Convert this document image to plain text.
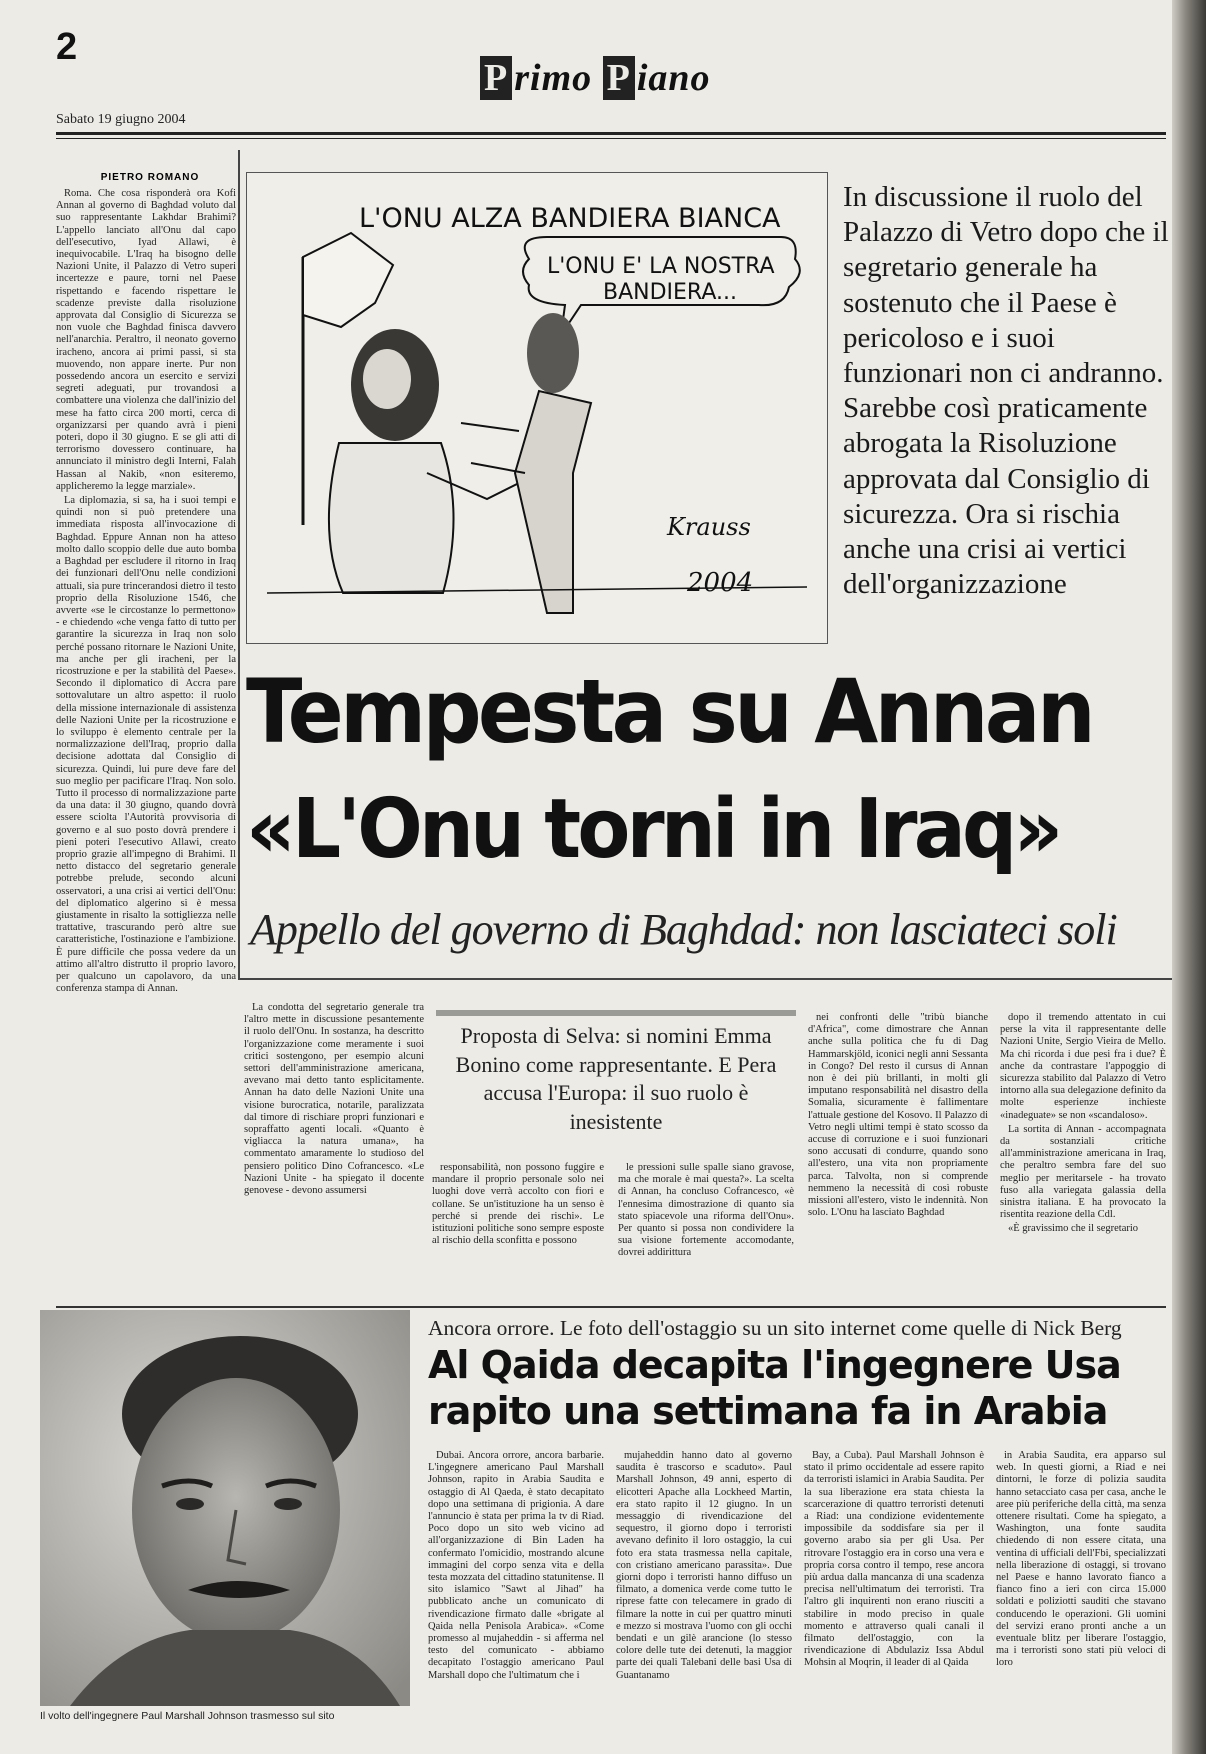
2
P rimo P iano
Sabato 19 giugno 2004
PIETRO ROMANO

Roma. Che cosa risponderà ora Kofi Annan al governo di Baghdad voluto dal suo rappresentante Lakhdar Brahimi? L'appello lanciato all'Onu dal capo dell'esecutivo, Iyad Allawi, è inequivocabile. L'Iraq ha bisogno delle Nazioni Unite, il Palazzo di Vetro superi incertezze e paure, torni nel Paese rispettando e facendo rispettare le scadenze previste dalla risoluzione approvata dal Consiglio di Sicurezza se non vuole che Baghdad finisca davvero nell'anarchia. Peraltro, il neonato governo iracheno, ancora ai primi passi, si sta muovendo, non appare inerte. Pur non possedendo ancora un esercito e servizi segreti adeguati, pur trovandosi a combattere una violenza che dall'inizio del mese ha fatto circa 200 morti, cerca di organizzarsi per quando avrà i pieni poteri, dopo il 30 giugno. E se gli atti di terrorismo dovessero continuare, ha annunciato il ministro degli Interni, Falah Hassan al Nakib, «non esiteremo, applicheremo la legge marziale».

La diplomazia, si sa, ha i suoi tempi e quindi non si può pretendere una immediata risposta all'invocazione di Baghdad. Eppure Annan non ha atteso molto dallo scoppio delle due auto bomba a Baghdad per escludere il ritorno in Iraq dei funzionari dell'Onu nelle condizioni attuali, sia pure trincerandosi dietro il testo proprio della Risoluzione 1546, che avverte «se le circostanze lo permettono» - e chiedendo «che venga fatto di tutto per garantire la sicurezza in Iraq non solo perché possano ritornare le Nazioni Unite, ma anche per gli iracheni, per la ricostruzione e per la stabilità del Paese». Secondo il diplomatico di Accra pare sottovalutare un altro aspetto: il ruolo della missione internazionale di assistenza delle Nazioni Unite per la ricostruzione e lo sviluppo è elemento centrale per la normalizzazione dell'Iraq, proprio dalla decisione adottata dal Consiglio di sicurezza. Quindi, lui pure deve fare del suo meglio per pacificare l'Iraq. Non solo. Tutto il processo di normalizzazione parte da una data: il 30 giugno, quando dovrà essere sciolta l'Autorità provvisoria di governo e al suo posto dovrà prendere i pieni poteri l'esecutivo Allawi, creato proprio grazie all'impegno di Brahimi. Il netto distacco del segretario generale potrebbe prelude, secondo alcuni osservatori, a una crisi ai vertici dell'Onu: del diplomatico algerino si è messa giustamente in risalto la sottigliezza nelle trattative, trascurando però altre sue caratteristiche, l'ostinazione e l'ambizione. È pure difficile che possa vedere da un attimo all'altro distrutto il proprio lavoro, per qualcuno un capolavoro, da una conferenza stampa di Annan.

L'ONU ALZA BANDIERA BIANCA
L'ONU E' LA NOSTRA
BANDIERA...
Krauss
2004
In discussione il ruolo del Palazzo di Vetro dopo che il segretario generale ha sostenuto che il Paese è pericoloso e i suoi funzionari non ci andranno. Sarebbe così praticamente abrogata la Risoluzione approvata dal Consiglio di sicurezza. Ora si rischia anche una crisi ai vertici dell'organizzazione
Tempesta su Annan
«L'Onu torni in Iraq»
Appello del governo di Baghdad: non lasciateci soli

La condotta del segretario generale tra l'altro mette in discussione pesantemente il ruolo dell'Onu. In sostanza, ha descritto l'organizzazione come meramente i suoi critici sostengono, per esempio alcuni settori dell'amministrazione americana, avevano mai detto tanto esplicitamente. Annan ha dato delle Nazioni Unite una visione burocratica, notarile, paralizzata dal timore di rischiare propri funzionari e sopraffatto agenti locali. «Quanto è vigliacca la natura umana», ha commentato amaramente lo studioso del pensiero politico Dino Cofrancesco. «Le Nazioni Unite - ha spiegato il docente genovese - devono assumersi

Proposta di Selva: si nomini Emma Bonino come rappresentante. E Pera accusa l'Europa: il suo ruolo è inesistente

responsabilità, non possono fuggire e mandare il proprio personale solo nei luoghi dove verrà accolto con fiori e collane. Se un'istituzione ha un senso è perché si prende dei rischi». Le istituzioni politiche sono sempre esposte al rischio della sconfitta e possono

le pressioni sulle spalle siano gravose, ma che morale è mai questa?». La scelta di Annan, ha concluso Cofrancesco, «è l'ennesima dimostrazione di quanto sia stato spiacevole una riforma dell'Onu». Per quanto si possa non condividere la sua visione fortemente accomodante, dovrei addirittura

nei confronti delle "tribù bianche d'Africa", come dimostrare che Annan anche sulla politica che fu di Dag Hammarskjöld, iconici negli anni Sessanta in Congo? Del resto il cursus di Annan non è dei più brillanti, in molti gli imputano responsabilità nel disastro della Somalia, sicuramente è fallimentare l'attuale gestione del Kosovo. Il Palazzo di Vetro negli ultimi tempi è stato scosso da accuse di corruzione e i suoi funzionari sono accusati di condurre, quando sono all'estero, una vita non propriamente parca. Talvolta, non si comprende nemmeno la necessità di così robuste missioni all'estero, visto le indennità. Non solo. L'Onu ha lasciato Baghdad

dopo il tremendo attentato in cui perse la vita il rappresentante delle Nazioni Unite, Sergio Vieira de Mello. Ma chi ricorda i due pesi fra i due? È anche da contrastare l'appoggio di sicurezza stabilito dal Palazzo di Vetro intorno alla sua delegazione definito da molte esperienze inchieste «inadeguate» se non «scandaloso».

La sortita di Annan - accompagnata da sostanziali critiche all'amministrazione americana in Iraq, che peraltro sembra fare del suo meglio per meritarsele - ha trovato fuso alla variegata galassia della sinistra italiana. E ha provocato la risentita reazione della Cdl.

«È gravissimo che il segretario

Il volto dell'ingegnere Paul Marshall Johnson trasmesso sul sito
Ancora orrore. Le foto dell'ostaggio su un sito internet come quelle di Nick Berg
Al Qaida decapita l'ingegnere Usa
rapito una settimana fa in Arabia

Dubai. Ancora orrore, ancora barbarie. L'ingegnere americano Paul Marshall Johnson, rapito in Arabia Saudita e ostaggio di Al Qaeda, è stato decapitato dopo una settimana di prigionia. A dare l'annuncio è stata per prima la tv di Riad. Poco dopo un sito web vicino ad all'organizzazione di Bin Laden ha confermato l'omicidio, mostrando alcune immagini del corpo senza vita e della testa mozzata del cittadino statunitense. Il sito islamico "Sawt al Jihad" ha pubblicato anche un comunicato di rivendicazione firmato dalle «brigate al Qaida nella Penisola Arabica». «Come promesso al mujaheddin - si afferma nel testo del comunicato - abbiamo decapitato l'ostaggio americano Paul Marshall dopo che l'ultimatum che i

mujaheddin hanno dato al governo saudita è trascorso e scaduto». Paul Marshall Johnson, 49 anni, esperto di elicotteri Apache alla Lockheed Martin, era stato rapito il 12 giugno. In un messaggio di rivendicazione del sequestro, il giorno dopo i terroristi avevano definito il loro ostaggio, la cui foto era stata trasmessa nella capitale, con cristiano americano parassita». Due giorni dopo i terroristi hanno diffuso un filmato, a domenica verde come tutto le riprese fatte con telecamere in grado di filmare la notte in cui per quattro minuti e mezzo si mostrava l'uomo con gli occhi bendati e un gilè arancione (lo stesso colore delle tute dei detenuti, la maggior parte dei quali Talebani delle basi Usa di Guantanamo

Bay, a Cuba). Paul Marshall Johnson è stato il primo occidentale ad essere rapito da terroristi islamici in Arabia Saudita. Per la sua liberazione era stata chiesta la scarcerazione di quattro terroristi detenuti a Riad: una condizione evidentemente impossibile da soddisfare sia per il governo arabo sia per gli Usa. Per ritrovare l'ostaggio era in corso una vera e propria corsa contro il tempo, rese ancora più ardua dalla mancanza di una scadenza precisa nell'ultimatum dei terroristi. Tra l'altro gli inquirenti non erano riusciti a stabilire in modo preciso in quale momento e attraverso quali canali il filmato dell'ostaggio, con la rivendicazione di Abdulaziz Issa Abdul Mohsin al Moqrin, il leader di al Qaida

in Arabia Saudita, era apparso sul web. In questi giorni, a Riad e nei dintorni, le forze di polizia saudita hanno setacciato casa per casa, anche le aree più periferiche della città, ma senza ottenere risultati. Come ha spiegato, a Washington, una fonte saudita chiedendo di non essere citata, una ventina di ufficiali dell'Fbi, specializzati nella liberazione di ostaggi, si trovano nel Paese e hanno lavorato fianco a fianco fino a ieri con circa 15.000 soldati e poliziotti sauditi che stavano conducendo le operazioni. Gli uomini del servizi erano pronti anche a un eventuale blitz per liberare l'ostaggio, ma i terroristi sono stati più veloci di loro
